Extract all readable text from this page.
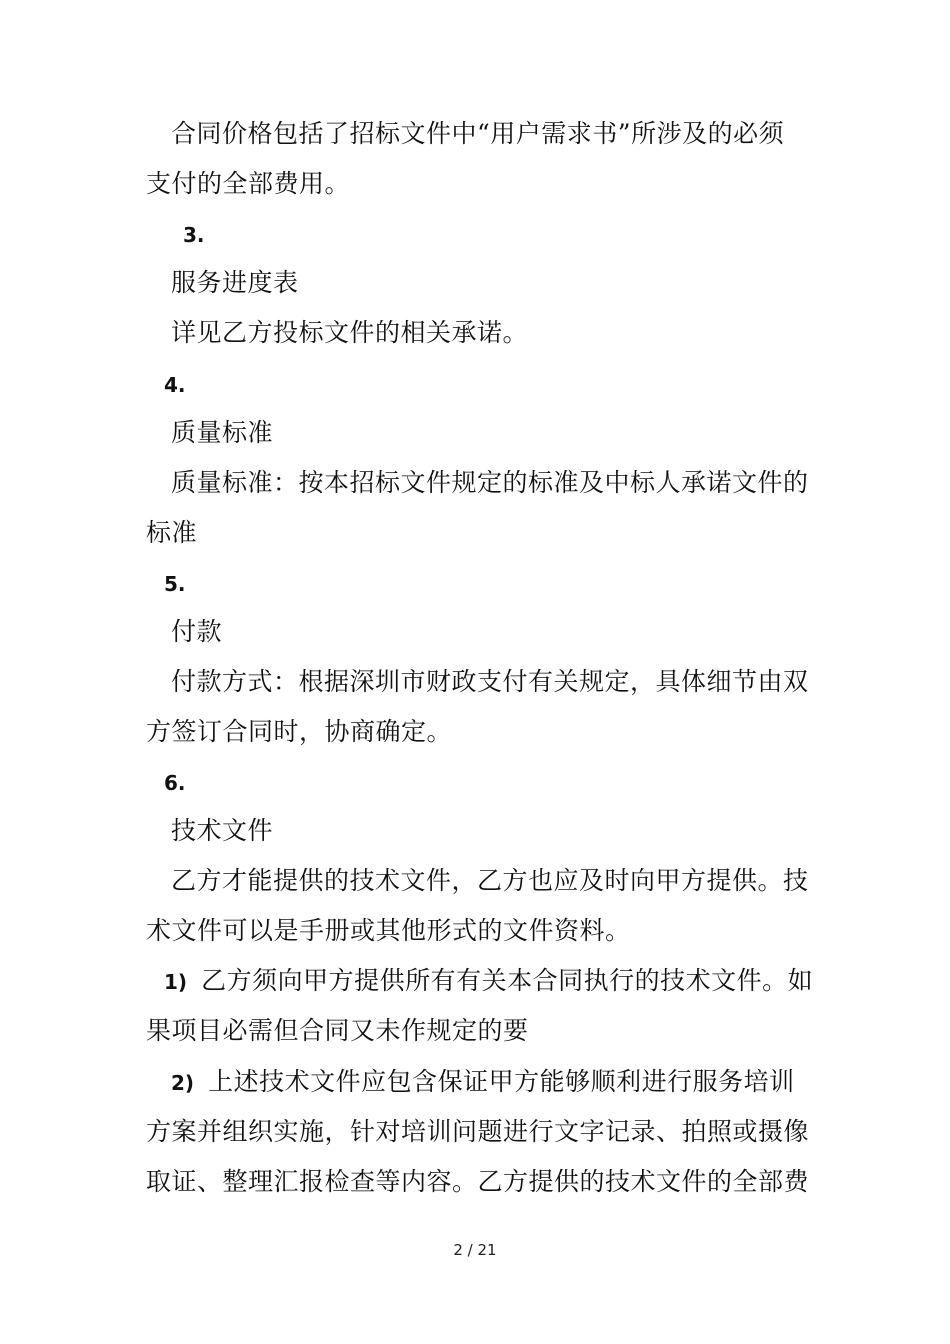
合同价格包括了招标文件中“用户需求书”所涉及的必须
支付的全部费用。
3.
服务进度表
详见乙方投标文件的相关承诺。
4.
质量标准
质量标准：按本招标文件规定的标准及中标人承诺文件的
标准
5.
付款
付款方式：根据深圳市财政支付有关规定，具体细节由双
方签订合同时，协商确定。
6.
技术文件
乙方才能提供的技术文件，乙方也应及时向甲方提供。技
术文件可以是手册或其他形式的文件资料。
1) 乙方须向甲方提供所有有关本合同执行的技术文件。如
果项目必需但合同又未作规定的要
2) 上述技术文件应包含保证甲方能够顺利进行服务培训
方案并组织实施，针对培训问题进行文字记录、拍照或摄像
取证、整理汇报检查等内容。乙方提供的技术文件的全部费
2 / 21
